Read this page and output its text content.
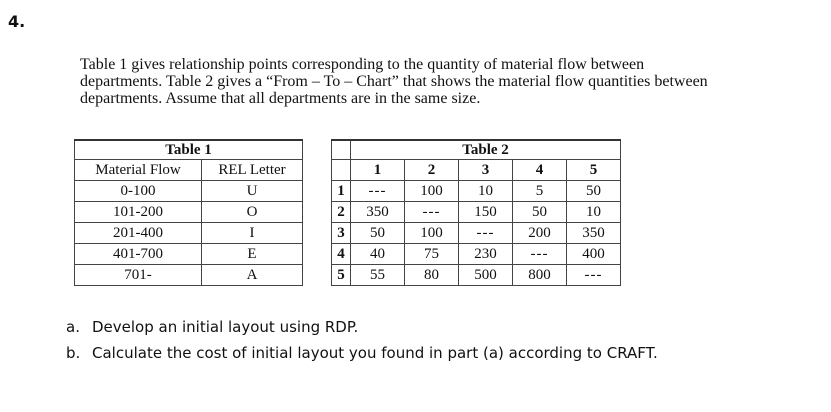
4.
Table 1 gives relationship points corresponding to the quantity of material flow between
departments. Table 2 gives a “From – To – Chart” that shows the material flow quantities between
departments. Assume that all departments are in the same size.
Table 1	
Material Flow	REL Letter
0-100	U
101-200	O
201-400	I
401-700	E
701-	A
	Table 2				
	1	2	3	4	5
1	---	100	10	5	50
2	350	---	150	50	10
3	50	100	---	200	350
4	40	75	230	---	400
5	55	80	500	800	---
a. Develop an initial layout using RDP.
b. Calculate the cost of initial layout you found in part (a) according to CRAFT.
